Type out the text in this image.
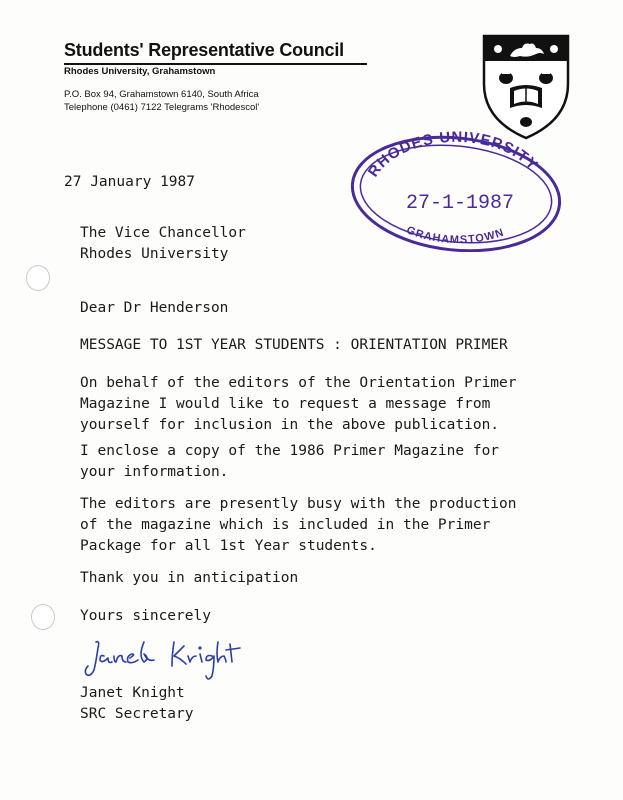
Students' Representative Council
Rhodes University, Grahamstown
P.O. Box 94, Grahamstown 6140, South Africa
Telephone (0461) 7122 Telegrams 'Rhodescol'
RHODES UNIVERSITY
GRAHAMSTOWN
27-1-1987
27 January 1987
The Vice Chancellor
Rhodes University
Dear Dr Henderson
MESSAGE TO 1ST YEAR STUDENTS : ORIENTATION PRIMER
On behalf of the editors of the Orientation Primer
Magazine I would like to request a message from
yourself for inclusion in the above publication.
I enclose a copy of the 1986 Primer Magazine for
your information.
The editors are presently busy with the production
of the magazine which is included in the Primer
Package for all 1st Year students.
Thank you in anticipation
Yours sincerely
Janet Knight
SRC Secretary
